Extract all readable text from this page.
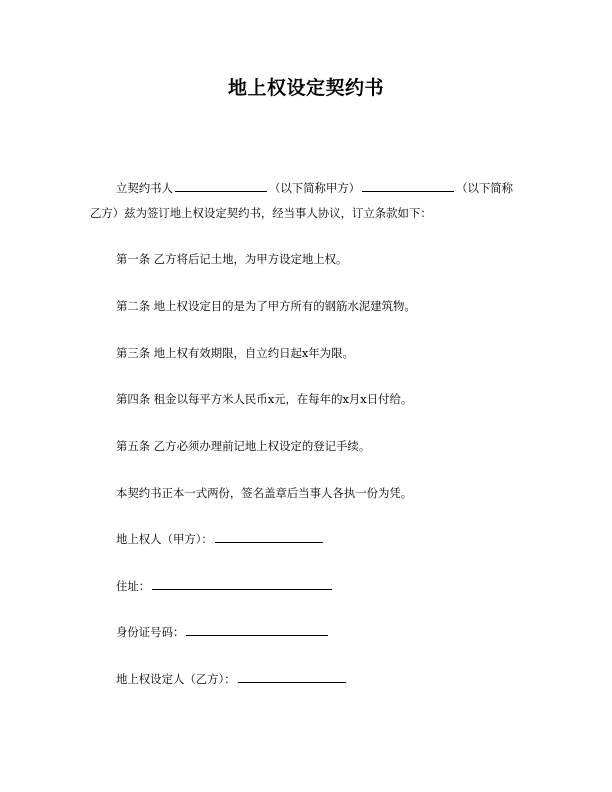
地上权设定契约书
立契约书人	（以下简称甲方）	（以下简称
乙方）兹为签订地上权设定契约书，经当事人协议，订立条款如下：
第一条 乙方将后记土地，为甲方设定地上权。
第二条 地上权设定目的是为了甲方所有的钢筋水泥建筑物。
第三条 地上权有效期限，自立约日起x年为限。
第四条 租金以每平方米人民币x元，在每年的x月x日付给。
第五条 乙方必须办理前记地上权设定的登记手续。
本契约书正本一式两份，签名盖章后当事人各执一份为凭。
地上权人（甲方）：
住址：
身份证号码：
地上权设定人（乙方）：
